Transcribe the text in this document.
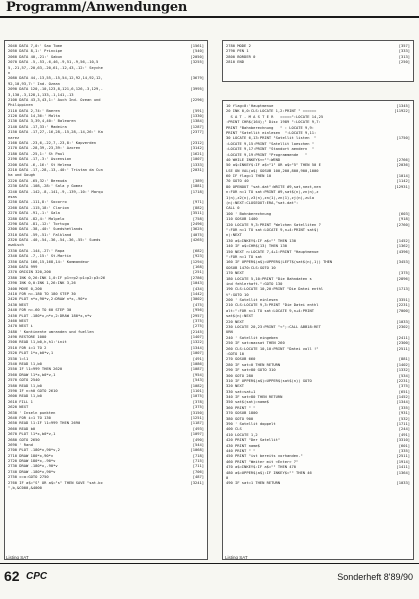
Programm/Anwendungen
2040 DATA 7,0:' Sao Tome	[1561]
2050 DATA 8,1:' Principe	[540]
2060 DATA 40,-21:' Gabun	[2050]
2070 DATA -5,-53,-6,46,-9,51,-9,56,-10,5	[3255]
5,-21,57,-20,63,-20,61,-12,43,-12:' Seyche
n
2080 DATA 44,-13,55,-15,54,12,92,14,92,12,	[3679]
92,10,93,7:' Ind. Ozean
2090 DATA 120,-10,123,8,121,6,126,-3,129,-	[3995]
3,130,-3,128,1,133,-1,141,-13
2100 DATA 43,3,43,1:' Auch Ind. Ozean und	[2296]
Philippinen
2110 DATA 2,74:' Baeren	[591]
2120 DATA 14,36:' Malta	[1330]
2130 DATA 3,39,4,40:' Balearen	[1384]
2140 DATA -17,33:' Madeira	[1287]
2150 DATA -17,27,-16,28,-15,28,-14,26:' Ka	[2377]
narez
2160 DATA -23,6,-22,7,-23,8:' Kapverden	[2312]
2170 DATA -28,39,-23,39:' Azoren	[3142]
2180 DATA -25,1:' St Paul	[1621]
2190 DATA -17,-3:' Ascension	[1007]
2200 DATA -6,-16:' St Helena	[1333]
2210 DATA -17,-28,-13,-40:' Tristan da Cun	[2031]
ha und Gough
2220 DATA -65,32:' Bermuda	[389]
2230 DATA -108,-28:' Sala y Gomez	[1881]
2240 DATA -142,-8,-141,-9,-139,-10:' Marqu	[1718]
esas
2250 DATA -111,8:' Socorro	[971]
2260 DATA -115,18:' Clarion	[882]
2270 DATA -91,-1:' Gala	[3511]
2280 DATA -82,4:' Malpelo	[758]
2290 DATA -81,-12:' Tortuga	[2496]
2300 DATA -38,-40:' Suedshetlands	[3625]
2310 DATA -59,-51:' Falkland	[4075]
2320 DATA -40,-54,-36,-54,-36,-55:' Sueds	[4265]
ewdisch
2330 DATA -144,-27:' Rapa	[682]
2340 DATA -7,-15:' St.Martin	[923]
2350 DATA 166,15,168,14:' Kommandeur	[1294]
2360 DATA 999	[168]
2370 ORIGIN 320,200	[251]
2380 INK 0,26:INK 1,0:IF p1<>p2:p1=p2:p3=26	[2786]
2390 INK 0,0:INK 1,26:INK 3,26	[1043]
2400 MOVE 0,200	[434]
2410 FOR n=-180 TO 180 STEP 30	[1442]
2420 PLOT n*x,90*v,2:DRAW n*x,-90*v	[3002]
2430 NEXT	[475]
2440 FOR n=-60 TO 60 STEP 30	[956]
2450 PLOT -180*x,n*v,2:DRAW 180*x,n*v	[2957]
2460 NEXT	[375]
2470 NEXT i	[275]
2480 ' Kontinente umranden und fuellen	[2145]
2490 RESTORE 1000	[1407]
2500 READ l1,b0,h,h1:'init	[1322]
2510 FOR i=1 TO 2	[1344]
2520 PLOT 1*x,b0*v,1	[1007]
2530 l=l1	[491]
2540 READ l1,b0	[1086]
2550 IF l1=999 THEN 2620	[1087]
2560 DRAW l1*x,b0*v,1	[954]
2570 GOTO 2540	[543]
2580 READ l1,b0	[1082]
2590 IF n=h0 GOTO 2610	[1101]
2600 READ l1,b0	[1075]
2610 FILL 1	[378]
2620 NEXT	[375]
2630 ' Inseln punkten	[3150]
2640 FOR i=1 TO 130	[1251]
2650 READ l1:IF l1=999 THEN 2690	[1187]
2660 READ b0	[493]
2670 PLOT l1*x,b0*v,1	[1097]
2680 GOTO 2650	[490]
2690 ' Rand	[544]
2700 PLOT -180*x,90*v,2	[1068]
2710 DRAW 180*x,90*v	[718]
2720 DRAW 180*x,-90*v	[715]
2730 DRAW -180*x,-90*v	[711]
2740 DRAW -180*x,90*v	[706]
2750 c=a:GOTO 2750	[487]
2760 IF a$="S" OR a$="s" THEN SAVE "sat.bc	[3241]
",b,&C000,&4000
Listing SAT
2780 MODE 2	[357]
2790 PEN 1	[333]
2800 BORDER 0	[313]
2810 END	[250]
10 flag=0:'Hauptmenue	[1345]
20 INK 0,0:CLS:LOCATE 1,2:PRINT " ======	[11922]
S A T - M A S T E R   =====":LOCATE 14,25
:PRINT CHR$(164);" Disc 1989 ":LOCATE 9,7:
PRINT "Bahnberechnung   " : LOCATE 9,9:
PRINT "Satellit einlesen  ":LOCATE 9,11:
30 LOCATE 6,13:PRINT "Satellit listen  "	[1750]
:LOCATE 9,15:PRINT "Satellit loeschen "
:LOCATE 9,17:PRINT "Standort aendern  "
:LOCATE 9,19:PRINT "Programmende   "
40 WHILE INKEY$<>"":WEND	[2766]
50 a$=INKEY$:IF a$<"1" OR a$>"5" THEN 50 E	[2036]
LSE ON VAL(a$) GOSUB 100,200,800,900,1000
60 IF flag=1 THEN 10	[1014]
70 GOTO 40	[1142]
80 OPENOUT "sat.dat":WRITE #9,sat,next,nen	[12931]
n:FOR n=1 TO sat:PRINT #9,sat$(n),zn(n),z
1(n),z2(n),z3(n),zn(1),zn(1),zj(n),zula
(n):NEXT:CLOSEOUT:ERA,"sat.dat":
CALL 0
100 ' Bahnberechnung	[603]
110 GOSUB 1400	[918]
120 LOCATE 9,3:PRINT "Welchen Satelliten ?	[2760]
":FOR n=1 TO sat:LOCATE 9,n+4:PRINT sat$(
n):NEXT
130 a$=INKEY$:IF a$="" THEN 130	[1452]
140 IF a$=CHR$(13) THEN 130	[1362]
150 NEXT n:LOCATE 7,4+1:PRINT "Hauptmenue	[4396]
":FOR n=1 TO sat
160 IF UPPER$(a$)=UPPER$(LEFT$(sat$(n),1)) THEN	[3453]
GOSUB 1470:CLS:GOTO 10
170 NEXT	[375]
180 LOCATE 5,10:PRINT "Die Bahndaten s	[2896]
ind fehlerhaft.":GOTO 130
190 CLS:LOCATE 10,20:PRINT "Die Datei enthl	[1713]
t":GOTO 10
200 ' Satellit einlesen	[3351]
210 CLS:LOCATE 9,3:PRINT "Die Datei enthl	[2231]
alt:":FOR n=1 TO sat:LOCATE 9,n+4:PRINT	[7000]
sat$(n):NEXT
220 NEXT	[1033]
230 LOCATE 20,23:PRINT "<";:CALL &BB18:RET	[2302]
URN
240 ' Satellit eingeben	[2411]
250 IF sat=maxsat THEN 260	[2300]
260 CLS:LOCATE 10,10:PRINT "Datei voll !"	[2511]
:GOTO 10
270 GOSUB 660	[881]
280 IF sat=0 THEN RETURN	[1402]
290 IF sat>80 GOTO 310	[1332]
300 GOTO 280	[534]
310 IF UPPER$(a$)=UPPER$(sat$(n)) GOTO	[2231]
320 NEXT	[375]
330 sat=sat+1	[651]
340 IF sat>80 THEN RETURN	[1452]
350 sat$(sat)=name$	[1344]
360 PRINT " "	[335]
370 GOSUB 1800	[931]
380 GOTO 900	[532]
390 ' Satellit doppelt	[1711]
400 CLS	[244]
410 LOCATE 1,2	[491]
420 PRINT "Der Satellit"	[3310]
430 PRINT name$	[601]
440 PRINT " "	[335]
450 PRINT "ist bereits vorhanden."	[2511]
460 PRINT "Weiter mit <Enter> ?"	[1914]
470 a$=INKEY$:IF a$="" THEN 470	[1411]
480 a$=UPPER$(a$):IF INKEY$="" THEN 46	[1364]
0
490 IF sat=1 THEN RETURN	[1033]
Listing SAT
62 CPC	Sonderheft 8'89/90
